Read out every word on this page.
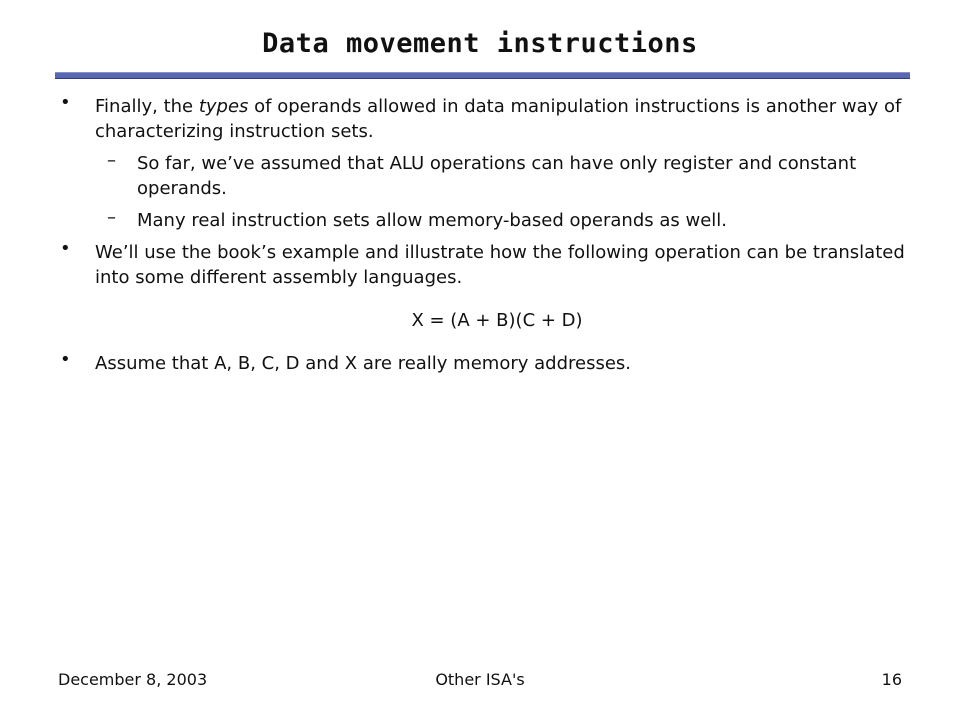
Data movement instructions
• Finally, the types of operands allowed in data manipulation instructions is another way of characterizing instruction sets.
– So far, we’ve assumed that ALU operations can have only register and constant operands.
– Many real instruction sets allow memory-based operands as well.
• We’ll use the book’s example and illustrate how the following operation can be translated into some different assembly languages.
X = (A + B)(C + D)
• Assume that A, B, C, D and X are really memory addresses.
December 8, 2003	Other ISA's	16
